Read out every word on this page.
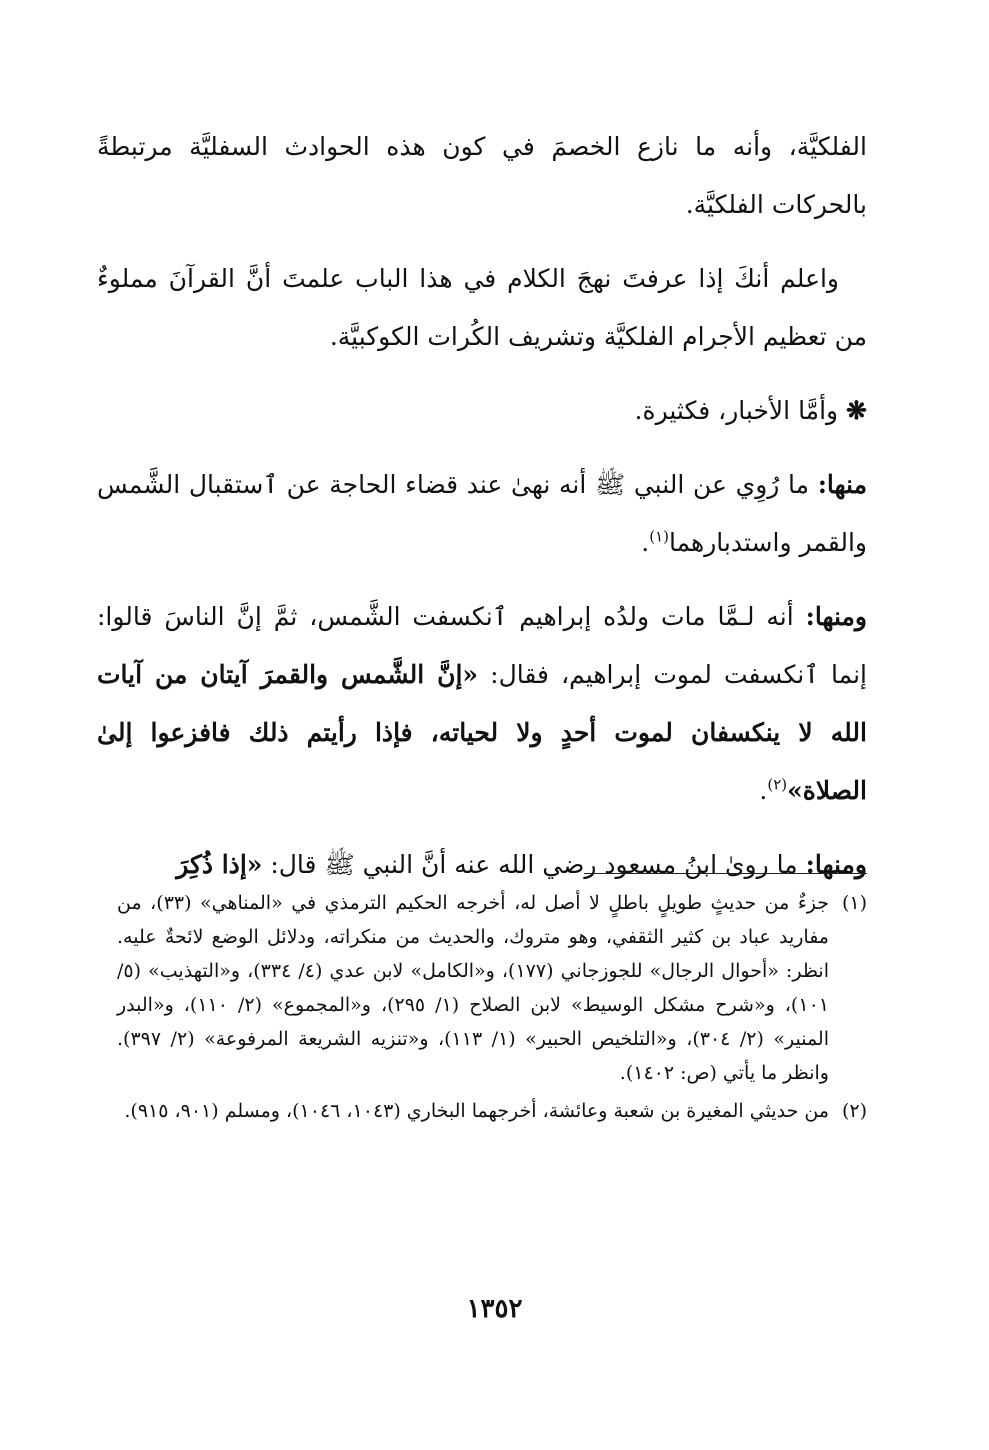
الفلكيَّة، وأنه ما نازع الخصمَ في كون هذه الحوادث السفليَّة مرتبطةً بالحركات الفلكيَّة.

واعلم أنكَ إذا عرفتَ نهجَ الكلام في هذا الباب علمتَ أنَّ القرآنَ مملوءٌ من تعظيم الأجرام الفلكيَّة وتشريف الكُرات الكوكبيَّة.

❋ وأمَّا الأخبار، فكثيرة.

منها: ما رُوِي عن النبي ﷺ أنه نهىٰ عند قضاء الحاجة عن ٱستقبال الشَّمس والقمر واستدبارهما$^{(١)}$.

ومنها: أنه لـمَّا مات ولدُه إبراهيم ٱنكسفت الشَّمس، ثمَّ إنَّ الناسَ قالوا: إنما ٱنكسفت لموت إبراهيم، فقال: «إنَّ الشَّمس والقمرَ آيتان من آيات الله لا ينكسفان لموت أحدٍ ولا لحياته، فإذا رأيتم ذلك فافزعوا إلىٰ الصلاة»$^{(٢)}$.

ومنها: ما روىٰ ابنُ مسعود رضي الله عنه أنَّ النبي ﷺ قال: «إذا ذُكِرَ

(١)
جزءٌ من حديثٍ طويلٍ باطلٍ لا أصل له، أخرجه الحكيم الترمذي في «المناهي» (٣٣)، من مفاريد عباد بن كثير الثقفي، وهو متروك، والحديث من منكراته، ودلائل الوضع لائحةٌ عليه. انظر: «أحوال الرجال» للجوزجاني (١٧٧)، و«الكامل» لابن عدي (٤/ ٣٣٤)، و«التهذيب» (٥/ ١٠١)، و«شرح مشكل الوسيط» لابن الصلاح (١/ ٢٩٥)، و«المجموع» (٢/ ١١٠)، و«البدر المنير» (٢/ ٣٠٤)، و«التلخيص الحبير» (١/ ١١٣)، و«تنزيه الشريعة المرفوعة» (٢/ ٣٩٧). وانظر ما يأتي (ص: ١٤٠٢).
(٢)
من حديثي المغيرة بن شعبة وعائشة، أخرجهما البخاري (١٠٤٣، ١٠٤٦)، ومسلم (٩٠١، ٩١٥).
١٣٥٢
